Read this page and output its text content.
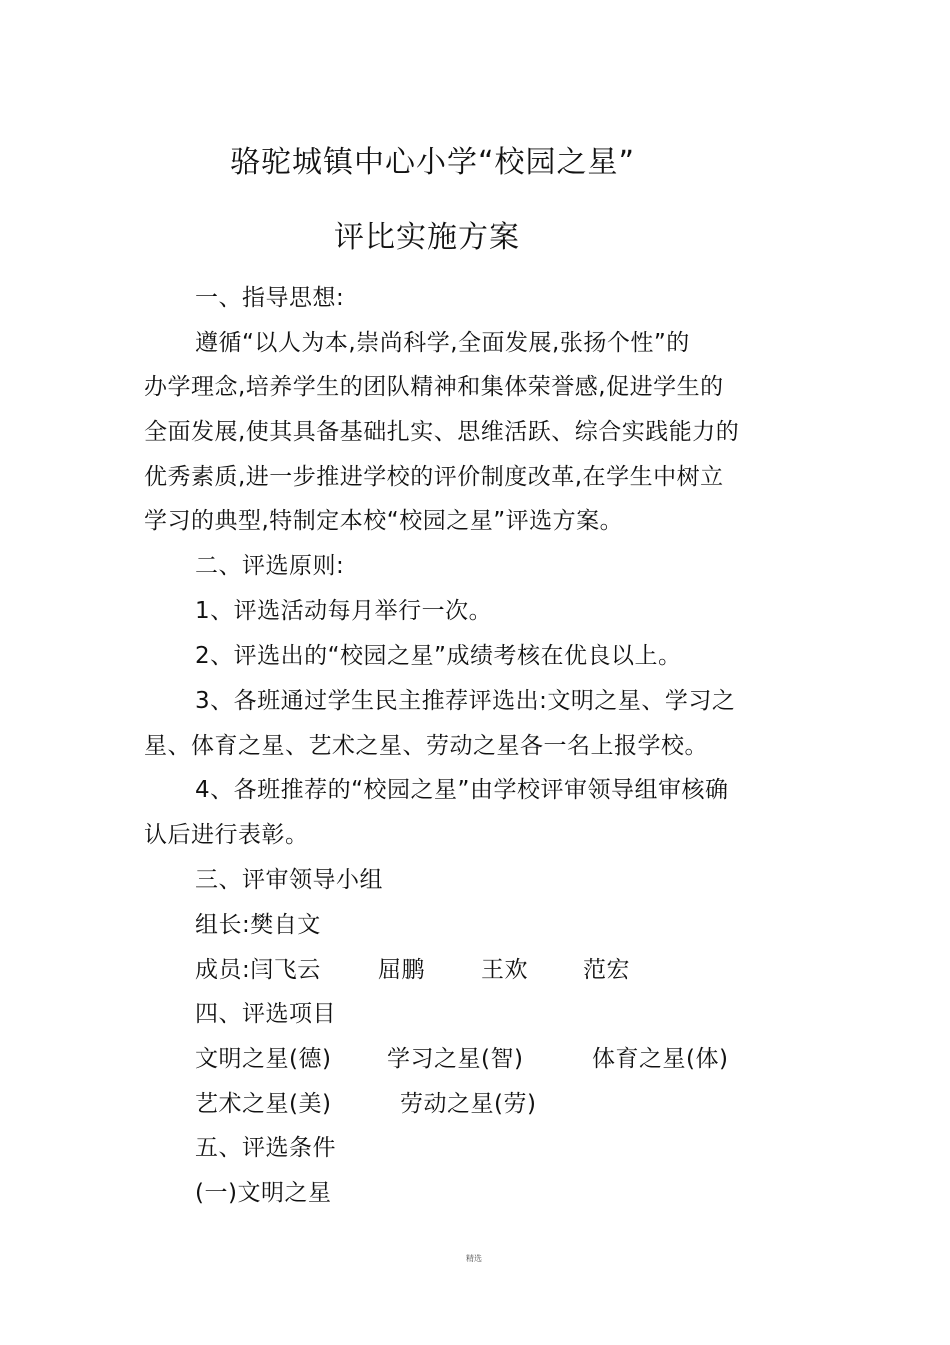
骆驼城镇中心小学“校园之星”
评比实施方案
一、指导思想:
遵循“以人为本,崇尚科学,全面发展,张扬个性”的
办学理念,培养学生的团队精神和集体荣誉感,促进学生的
全面发展,使其具备基础扎实、思维活跃、综合实践能力的
优秀素质,进一步推进学校的评价制度改革,在学生中树立
学习的典型,特制定本校“校园之星”评选方案。
二、评选原则:
1、评选活动每月举行一次。
2、评选出的“校园之星”成绩考核在优良以上。
3、各班通过学生民主推荐评选出:文明之星、学习之
星、体育之星、艺术之星、劳动之星各一名上报学校。
4、各班推荐的“校园之星”由学校评审领导组审核确
认后进行表彰。
三、评审领导小组
组长:樊自文
成员:闫飞云 屈鹏 王欢 范宏
四、评选项目
文明之星(德) 学习之星(智)	体育之星(体)
艺术之星(美)	劳动之星(劳)
五、评选条件
(一)文明之星
精选
